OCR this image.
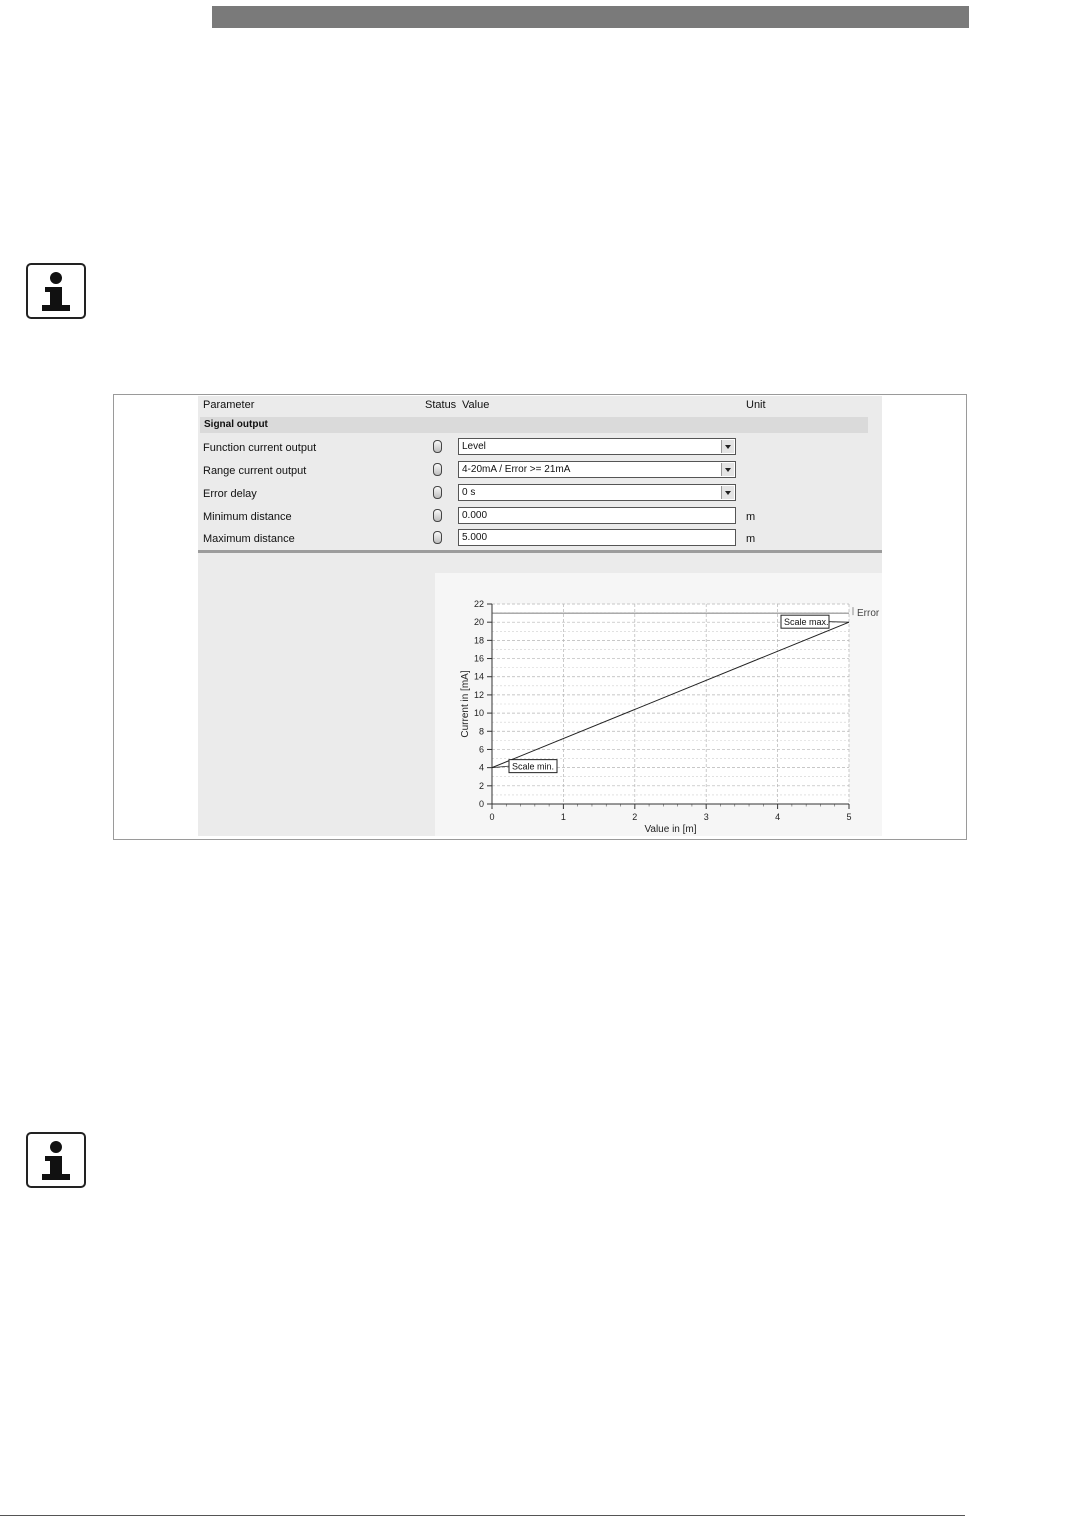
Parameter	Status Value	Unit
Signal output
Function current output	Level
Range current output	4-20mA / Error >= 21mA
Error delay	0 s
Minimum distance	0.000	m
Maximum distance	5.000	m
0
2
4
6
8
10
12
14
16
18
20
22
0	1	2	3	4	5
Error
Scale min.
Scale max.
Value in [m]
Current in [mA]
